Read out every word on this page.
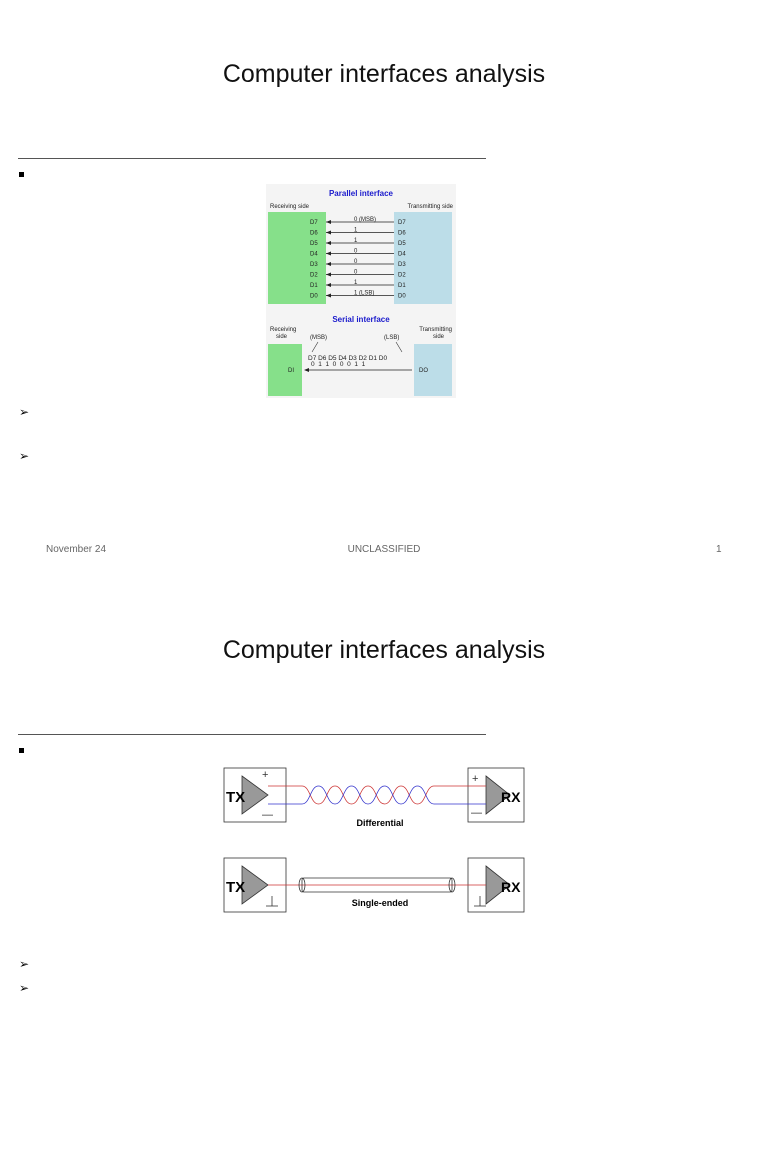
Computer interfaces analysis
Parallel interface
Receiving side	Transmitting side
D7	0 (MSB)	D7
D6	1	D6
D5	1	D5
D4	0	D4
D3	0	D3
D2	0	D2
D1	1	D1
D0	1 (LSB)	D0
Serial interface
Receiving
side
Transmitting
side
(MSB)	(LSB)
D7 D6 D5 D4 D3 D2 D1 D0
0  1  1  0  0  0  1  1
DI	DO
➢
➢
November 24	UNCLASSIFIED	1
Computer interfaces analysis
TX	RX
+
—
+
—
Differential
TX	RX
Single-ended
➢
➢
